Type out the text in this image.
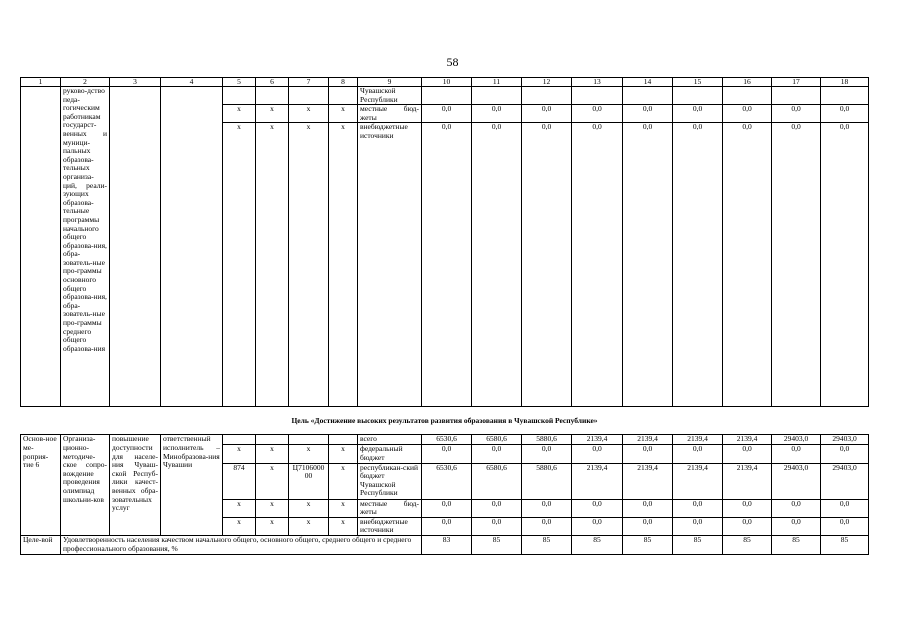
58
1	2	3	4	5	6	7	8	9	10	11	12	13	14	15	16	17	18
	руково-дство педа-гогическим работникам государст-венных и муници-пальных образова-тельных организа-ций, реали-зующих образова-тельные программы начального общего образова-ния, обра-зователь-ные про-граммы основного общего образова-ния, обра-зователь-ные про-граммы среднего общего образова-ния							Чувашской Республики									
				х	х	х	х	местные бюд-жеты	0,0	0,0	0,0	0,0	0,0	0,0	0,0	0,0	0,0
				х	х	х	х	внебюджетные источники	0,0	0,0	0,0	0,0	0,0	0,0	0,0	0,0	0,0
Цель «Достижение высоких результатов развития образования в Чувашской Республике»																	
Основ-ное ме-роприя-тие 6	Организа-ционно-методиче-ское сопро-вождение проведения олимпиад школьни-ков	повышение доступности для населе-ния Чуваш-ской Респуб-лики качест-венных обра-зовательных услуг	ответственный исполнитель – Минобразова-ния Чувашии					всего	6530,6	6580,6	5880,6	2139,4	2139,4	2139,4	2139,4	29403,0	29403,0
				х	х	х	х	федеральный бюджет	0,0	0,0	0,0	0,0	0,0	0,0	0,0	0,0	0,0
				874	х	Ц710600000	х	республикан-ский бюджет Чувашской Республики	6530,6	6580,6	5880,6	2139,4	2139,4	2139,4	2139,4	29403,0	29403,0
				х	х	х	х	местные бюд-жеты	0,0	0,0	0,0	0,0	0,0	0,0	0,0	0,0	0,0
				х	х	х	х	внебюджетные источники	0,0	0,0	0,0	0,0	0,0	0,0	0,0	0,0	0,0
Целе-вой	Удовлетворенность населения качеством начального общего, основного общего, среднего общего и среднего профессионального образования, %								83	85	85	85	85	85	85	85	85
